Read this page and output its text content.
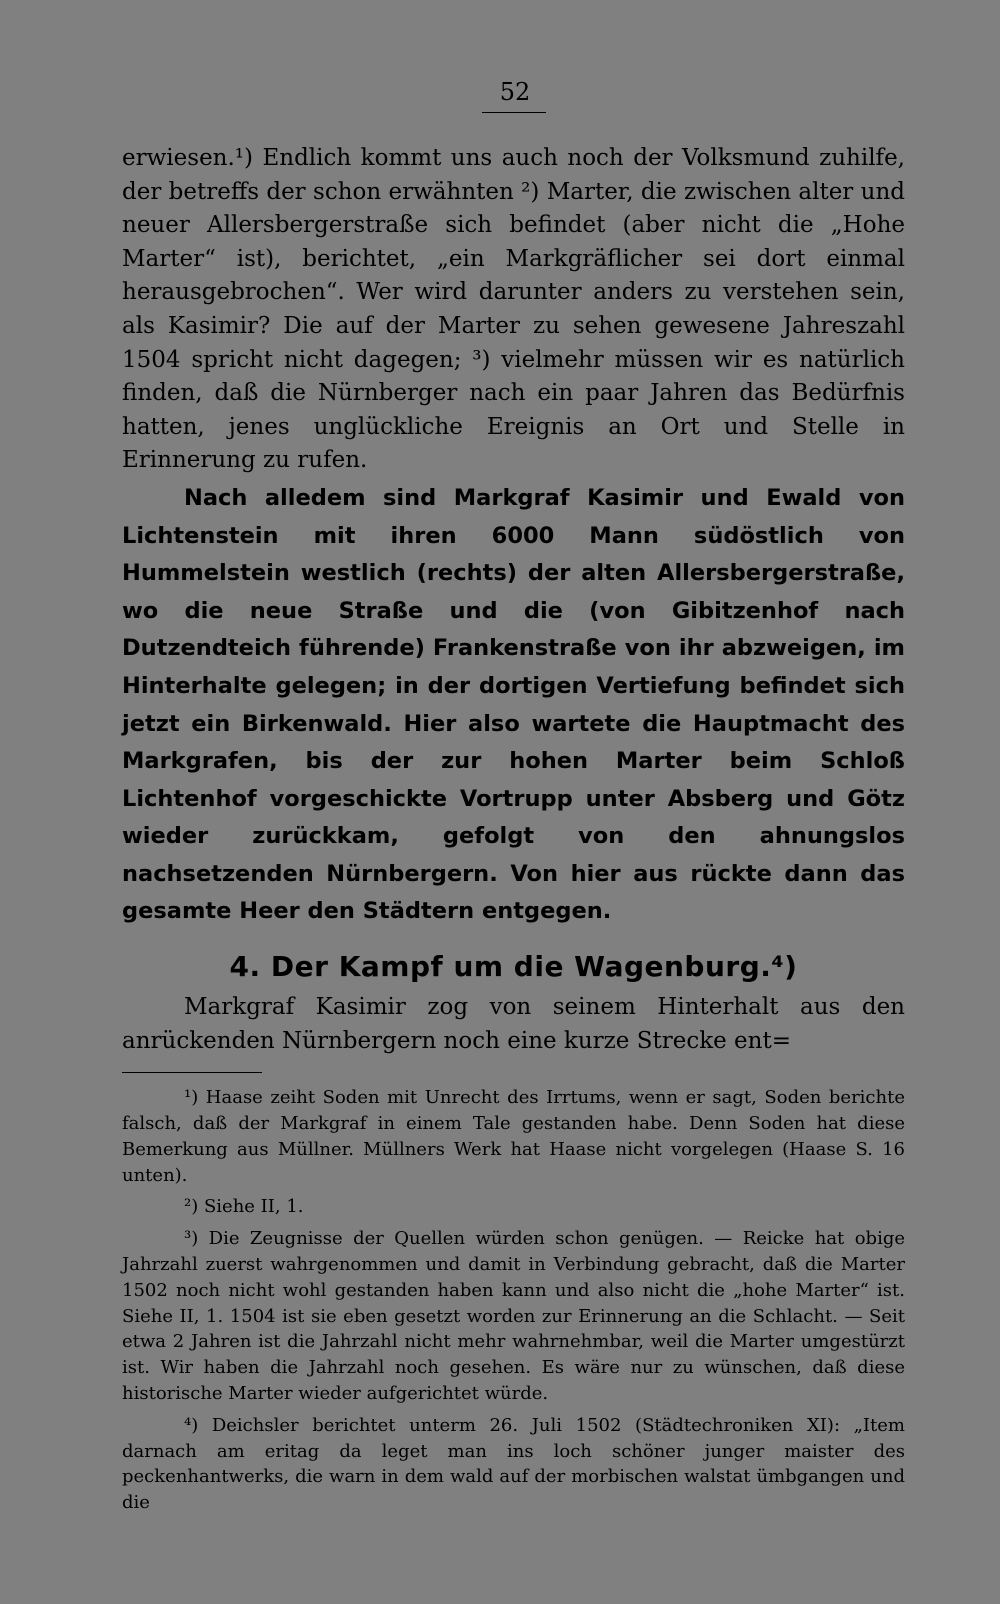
52

erwiesen.¹) Endlich kommt uns auch noch der Volksmund zuhilfe, der betreffs der schon erwähnten ²) Marter, die zwischen alter und neuer Allersbergerstraße sich befindet (aber nicht die „Hohe Marter“ ist), berichtet, „ein Markgräflicher sei dort einmal herausgebrochen“. Wer wird darunter anders zu verstehen sein, als Kasimir? Die auf der Marter zu sehen gewesene Jahreszahl 1504 spricht nicht dagegen; ³) vielmehr müssen wir es natürlich finden, daß die Nürnberger nach ein paar Jahren das Bedürfnis hatten, jenes unglückliche Ereignis an Ort und Stelle in Erinnerung zu rufen.

Nach alledem sind Markgraf Kasimir und Ewald von Lichtenstein mit ihren 6000 Mann südöstlich von Hummelstein westlich (rechts) der alten Allersbergerstraße, wo die neue Straße und die (von Gibitzenhof nach Dutzendteich führende) Frankenstraße von ihr abzweigen, im Hinterhalte gelegen; in der dortigen Vertiefung befindet sich jetzt ein Birkenwald. Hier also wartete die Hauptmacht des Markgrafen, bis der zur hohen Marter beim Schloß Lichtenhof vorgeschickte Vortrupp unter Absberg und Götz wieder zurückkam, gefolgt von den ahnungslos nachsetzenden Nürnbergern. Von hier aus rückte dann das gesamte Heer den Städtern entgegen.

4. Der Kampf um die Wagenburg.⁴)

Markgraf Kasimir zog von seinem Hinterhalt aus den anrückenden Nürnbergern noch eine kurze Strecke ent=

¹) Haase zeiht Soden mit Unrecht des Irrtums, wenn er sagt, Soden berichte falsch, daß der Markgraf in einem Tale gestanden habe. Denn Soden hat diese Bemerkung aus Müllner. Müllners Werk hat Haase nicht vorgelegen (Haase S. 16 unten).

²) Siehe II, 1.

³) Die Zeugnisse der Quellen würden schon genügen. — Reicke hat obige Jahrzahl zuerst wahrgenommen und damit in Verbindung gebracht, daß die Marter 1502 noch nicht wohl gestanden haben kann und also nicht die „hohe Marter“ ist. Siehe II, 1. 1504 ist sie eben gesetzt worden zur Erinnerung an die Schlacht. — Seit etwa 2 Jahren ist die Jahrzahl nicht mehr wahrnehmbar, weil die Marter umgestürzt ist. Wir haben die Jahrzahl noch gesehen. Es wäre nur zu wünschen, daß diese historische Marter wieder aufgerichtet würde.

⁴) Deichsler berichtet unterm 26. Juli 1502 (Städtechroniken XI): „Item darnach am eritag da leget man ins loch schöner junger maister des peckenhantwerks, die warn in dem wald auf der morbischen walstat ümbgangen und die
